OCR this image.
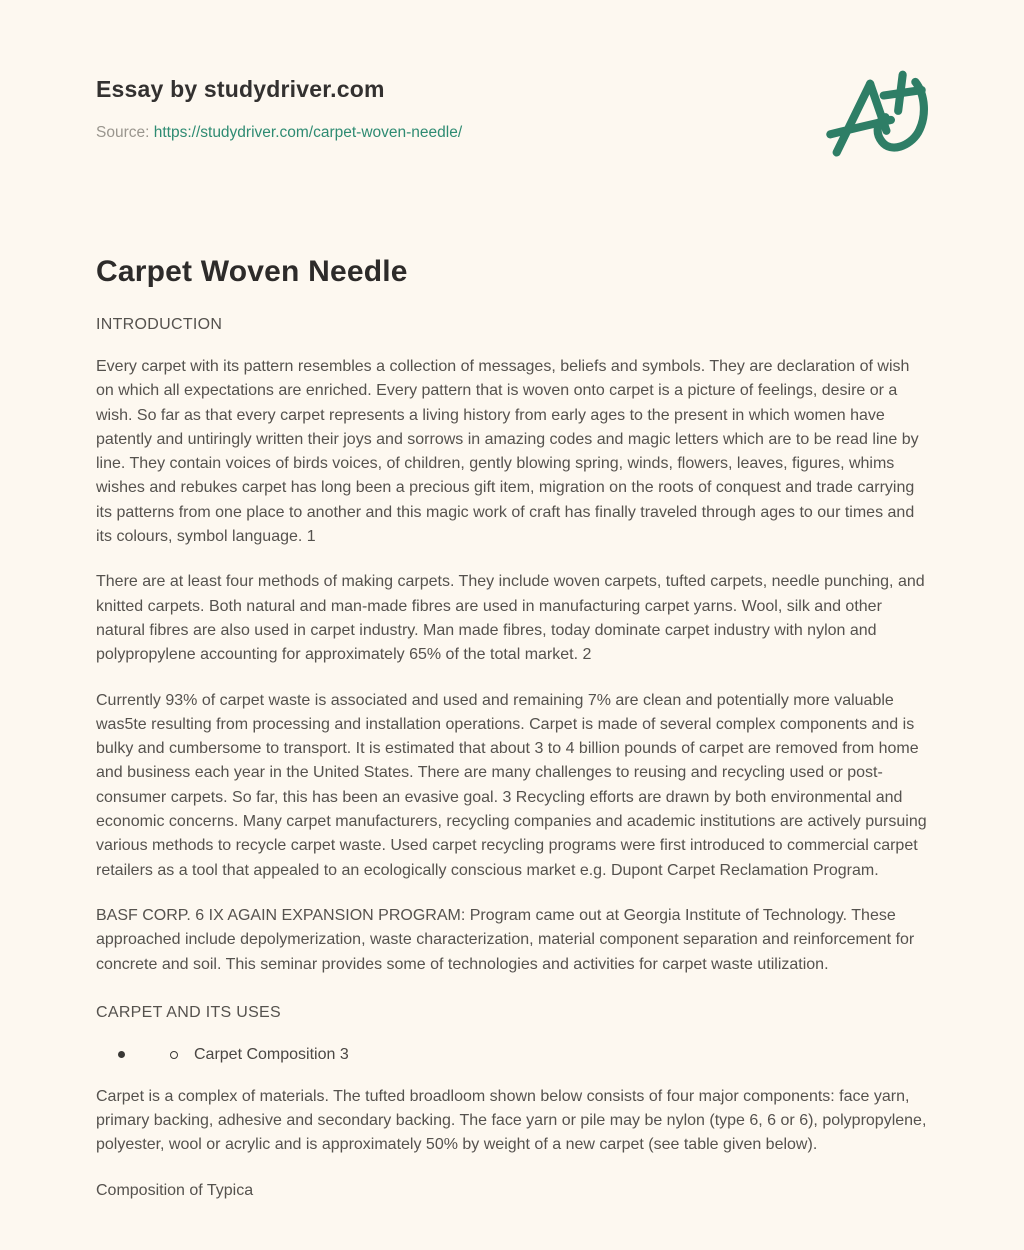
Essay by studydriver.com
Source: https://studydriver.com/carpet-woven-needle/
Carpet Woven Needle
INTRODUCTION

Every carpet with its pattern resembles a collection of messages, beliefs and symbols. They are declaration of wish on which all expectations are enriched. Every pattern that is woven onto carpet is a picture of feelings, desire or a wish. So far as that every carpet represents a living history from early ages to the present in which women have patently and untiringly written their joys and sorrows in amazing codes and magic letters which are to be read line by line. They contain voices of birds voices, of children, gently blowing spring, winds, flowers, leaves, figures, whims wishes and rebukes carpet has long been a precious gift item, migration on the roots of conquest and trade carrying its patterns from one place to another and this magic work of craft has finally traveled through ages to our times and its colours, symbol language. 1

There are at least four methods of making carpets. They include woven carpets, tufted carpets, needle punching, and knitted carpets. Both natural and man-made fibres are used in manufacturing carpet yarns. Wool, silk and other natural fibres are also used in carpet industry. Man made fibres, today dominate carpet industry with nylon and polypropylene accounting for approximately 65% of the total market. 2

Currently 93% of carpet waste is associated and used and remaining 7% are clean and potentially more valuable was5te resulting from processing and installation operations. Carpet is made of several complex components and is bulky and cumbersome to transport. It is estimated that about 3 to 4 billion pounds of carpet are removed from home and business each year in the United States. There are many challenges to reusing and recycling used or post-consumer carpets. So far, this has been an evasive goal. 3 Recycling efforts are drawn by both environmental and economic concerns. Many carpet manufacturers, recycling companies and academic institutions are actively pursuing various methods to recycle carpet waste. Used carpet recycling programs were first introduced to commercial carpet retailers as a tool that appealed to an ecologically conscious market e.g. Dupont Carpet Reclamation Program.

BASF CORP. 6 IX AGAIN EXPANSION PROGRAM: Program came out at Georgia Institute of Technology. These approached include depolymerization, waste characterization, material component separation and reinforcement for concrete and soil. This seminar provides some of technologies and activities for carpet waste utilization.

CARPET AND ITS USES
Carpet Composition 3

Carpet is a complex of materials. The tufted broadloom shown below consists of four major components: face yarn, primary backing, adhesive and secondary backing. The face yarn or pile may be nylon (type 6, 6 or 6), polypropylene, polyester, wool or acrylic and is approximately 50% by weight of a new carpet (see table given below).

Composition of Typica
